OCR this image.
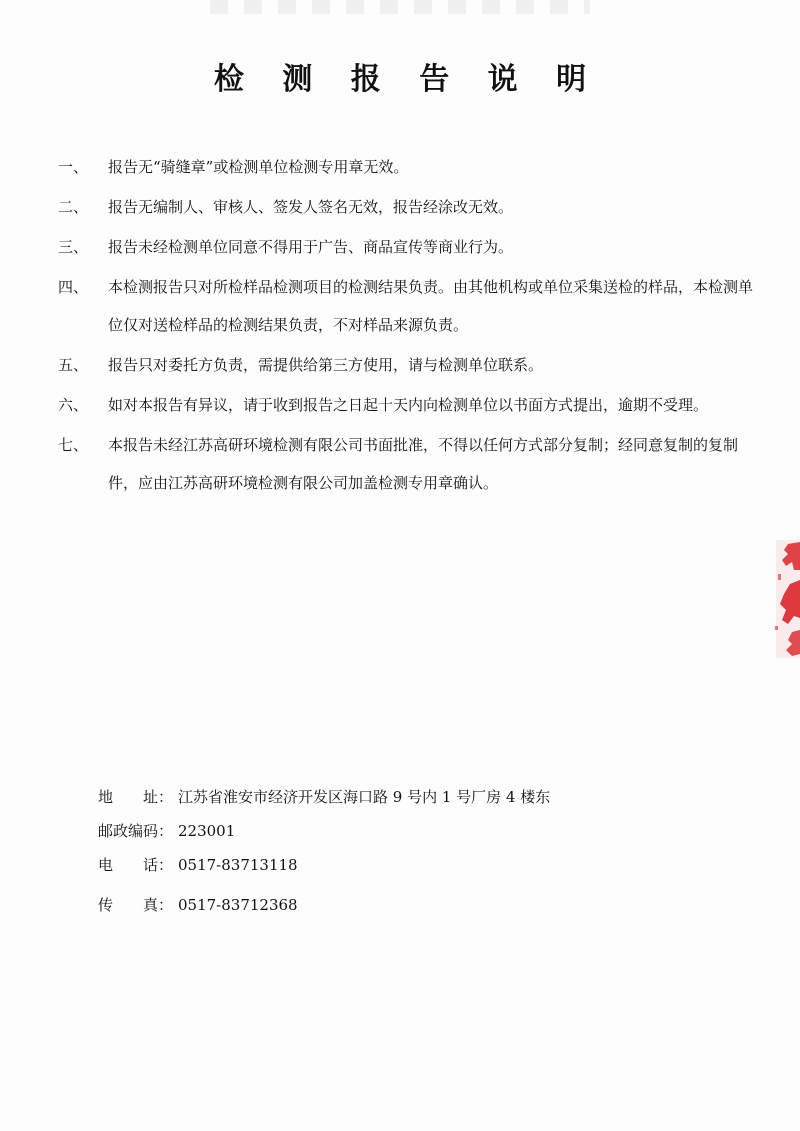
检 测 报 告 说 明
一、	报告无“骑缝章”或检测单位检测专用章无效。
二、	报告无编制人、审核人、签发人签名无效，报告经涂改无效。
三、	报告未经检测单位同意不得用于广告、商品宣传等商业行为。
四、	本检测报告只对所检样品检测项目的检测结果负责。由其他机构或单位采集送检的样品，本检测单位仅对送检样品的检测结果负责，不对样品来源负责。
五、	报告只对委托方负责，需提供给第三方使用，请与检测单位联系。
六、	如对本报告有异议，请于收到报告之日起十天内向检测单位以书面方式提出，逾期不受理。
七、	本报告未经江苏高研环境检测有限公司书面批准，不得以任何方式部分复制；经同意复制的复制件，应由江苏高研环境检测有限公司加盖检测专用章确认。
地　　址： 江苏省淮安市经济开发区海口路 9 号内 1 号厂房 4 楼东
邮政编码： 223001
电　　话： 0517-83713118
传　　真： 0517-83712368
